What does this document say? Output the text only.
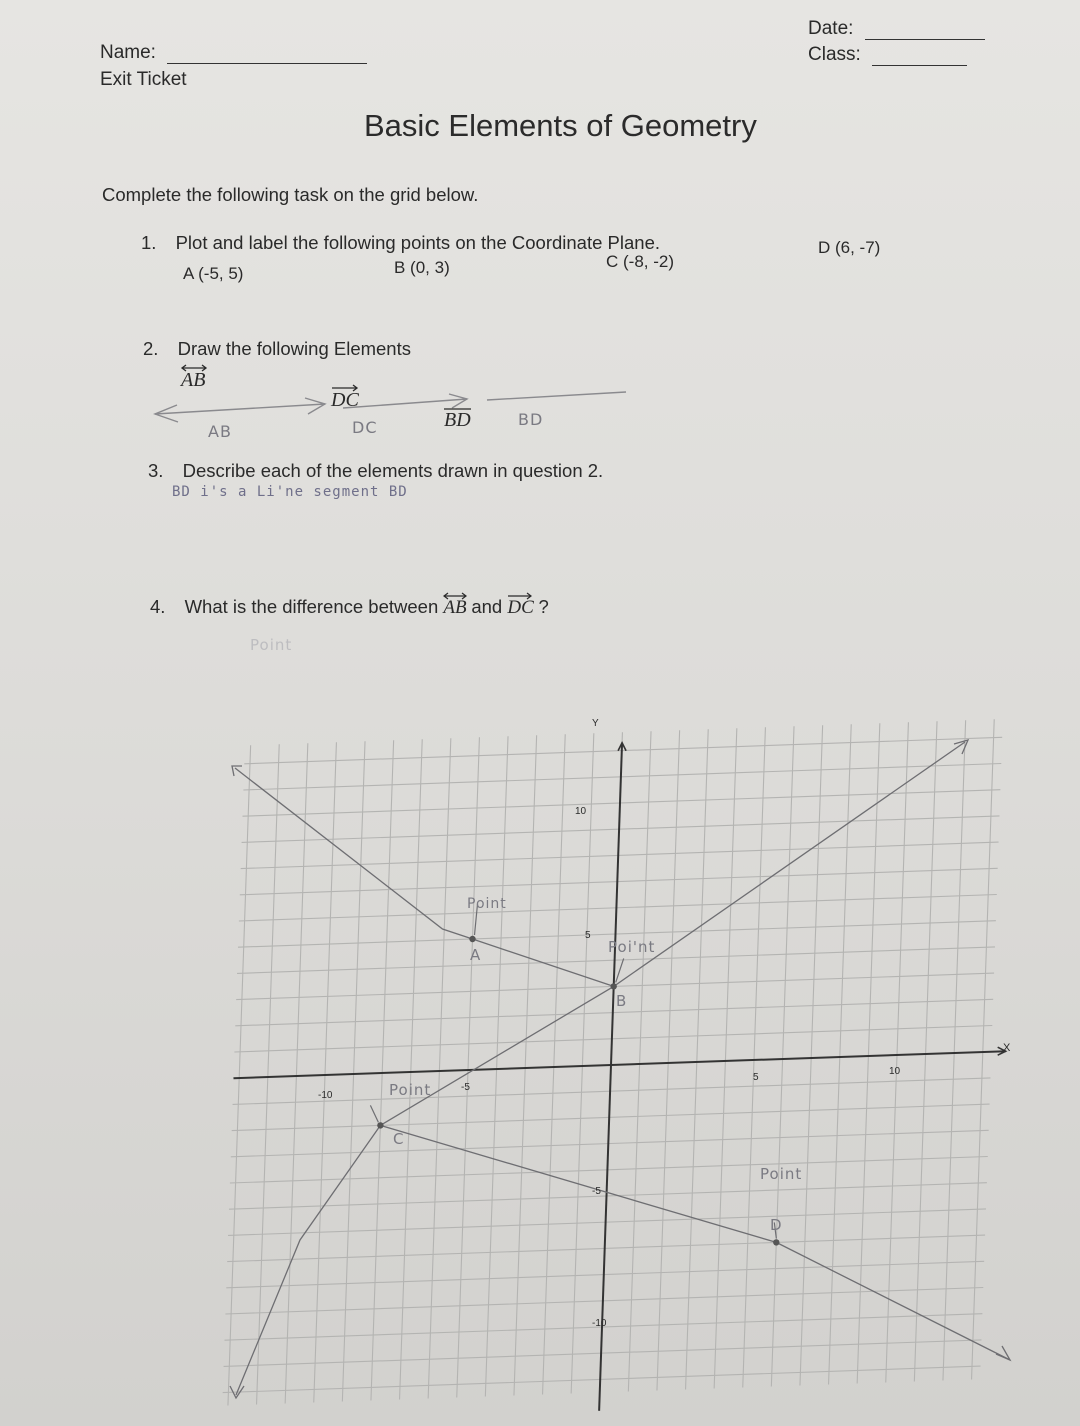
Name:
Exit Ticket
Date:
Class:
Basic Elements of Geometry
Complete the following task on the grid below.
1. Plot and label the following points on the Coordinate Plane.
A (-5, 5)	B (0, 3)	C (-8, -2)
D (6, -7)
2. Draw the following Elements
AB
DC
BD
AB	DC	BD
3. Describe each of the elements drawn in question 2.
BD i's a Li'ne segment BD
4. What is the difference between AB and DC ?
Point
Y
X
-10
-5
5
10
10
5
-5
-10
Point
A	Poi'nt
B
Point
C
Point
D
